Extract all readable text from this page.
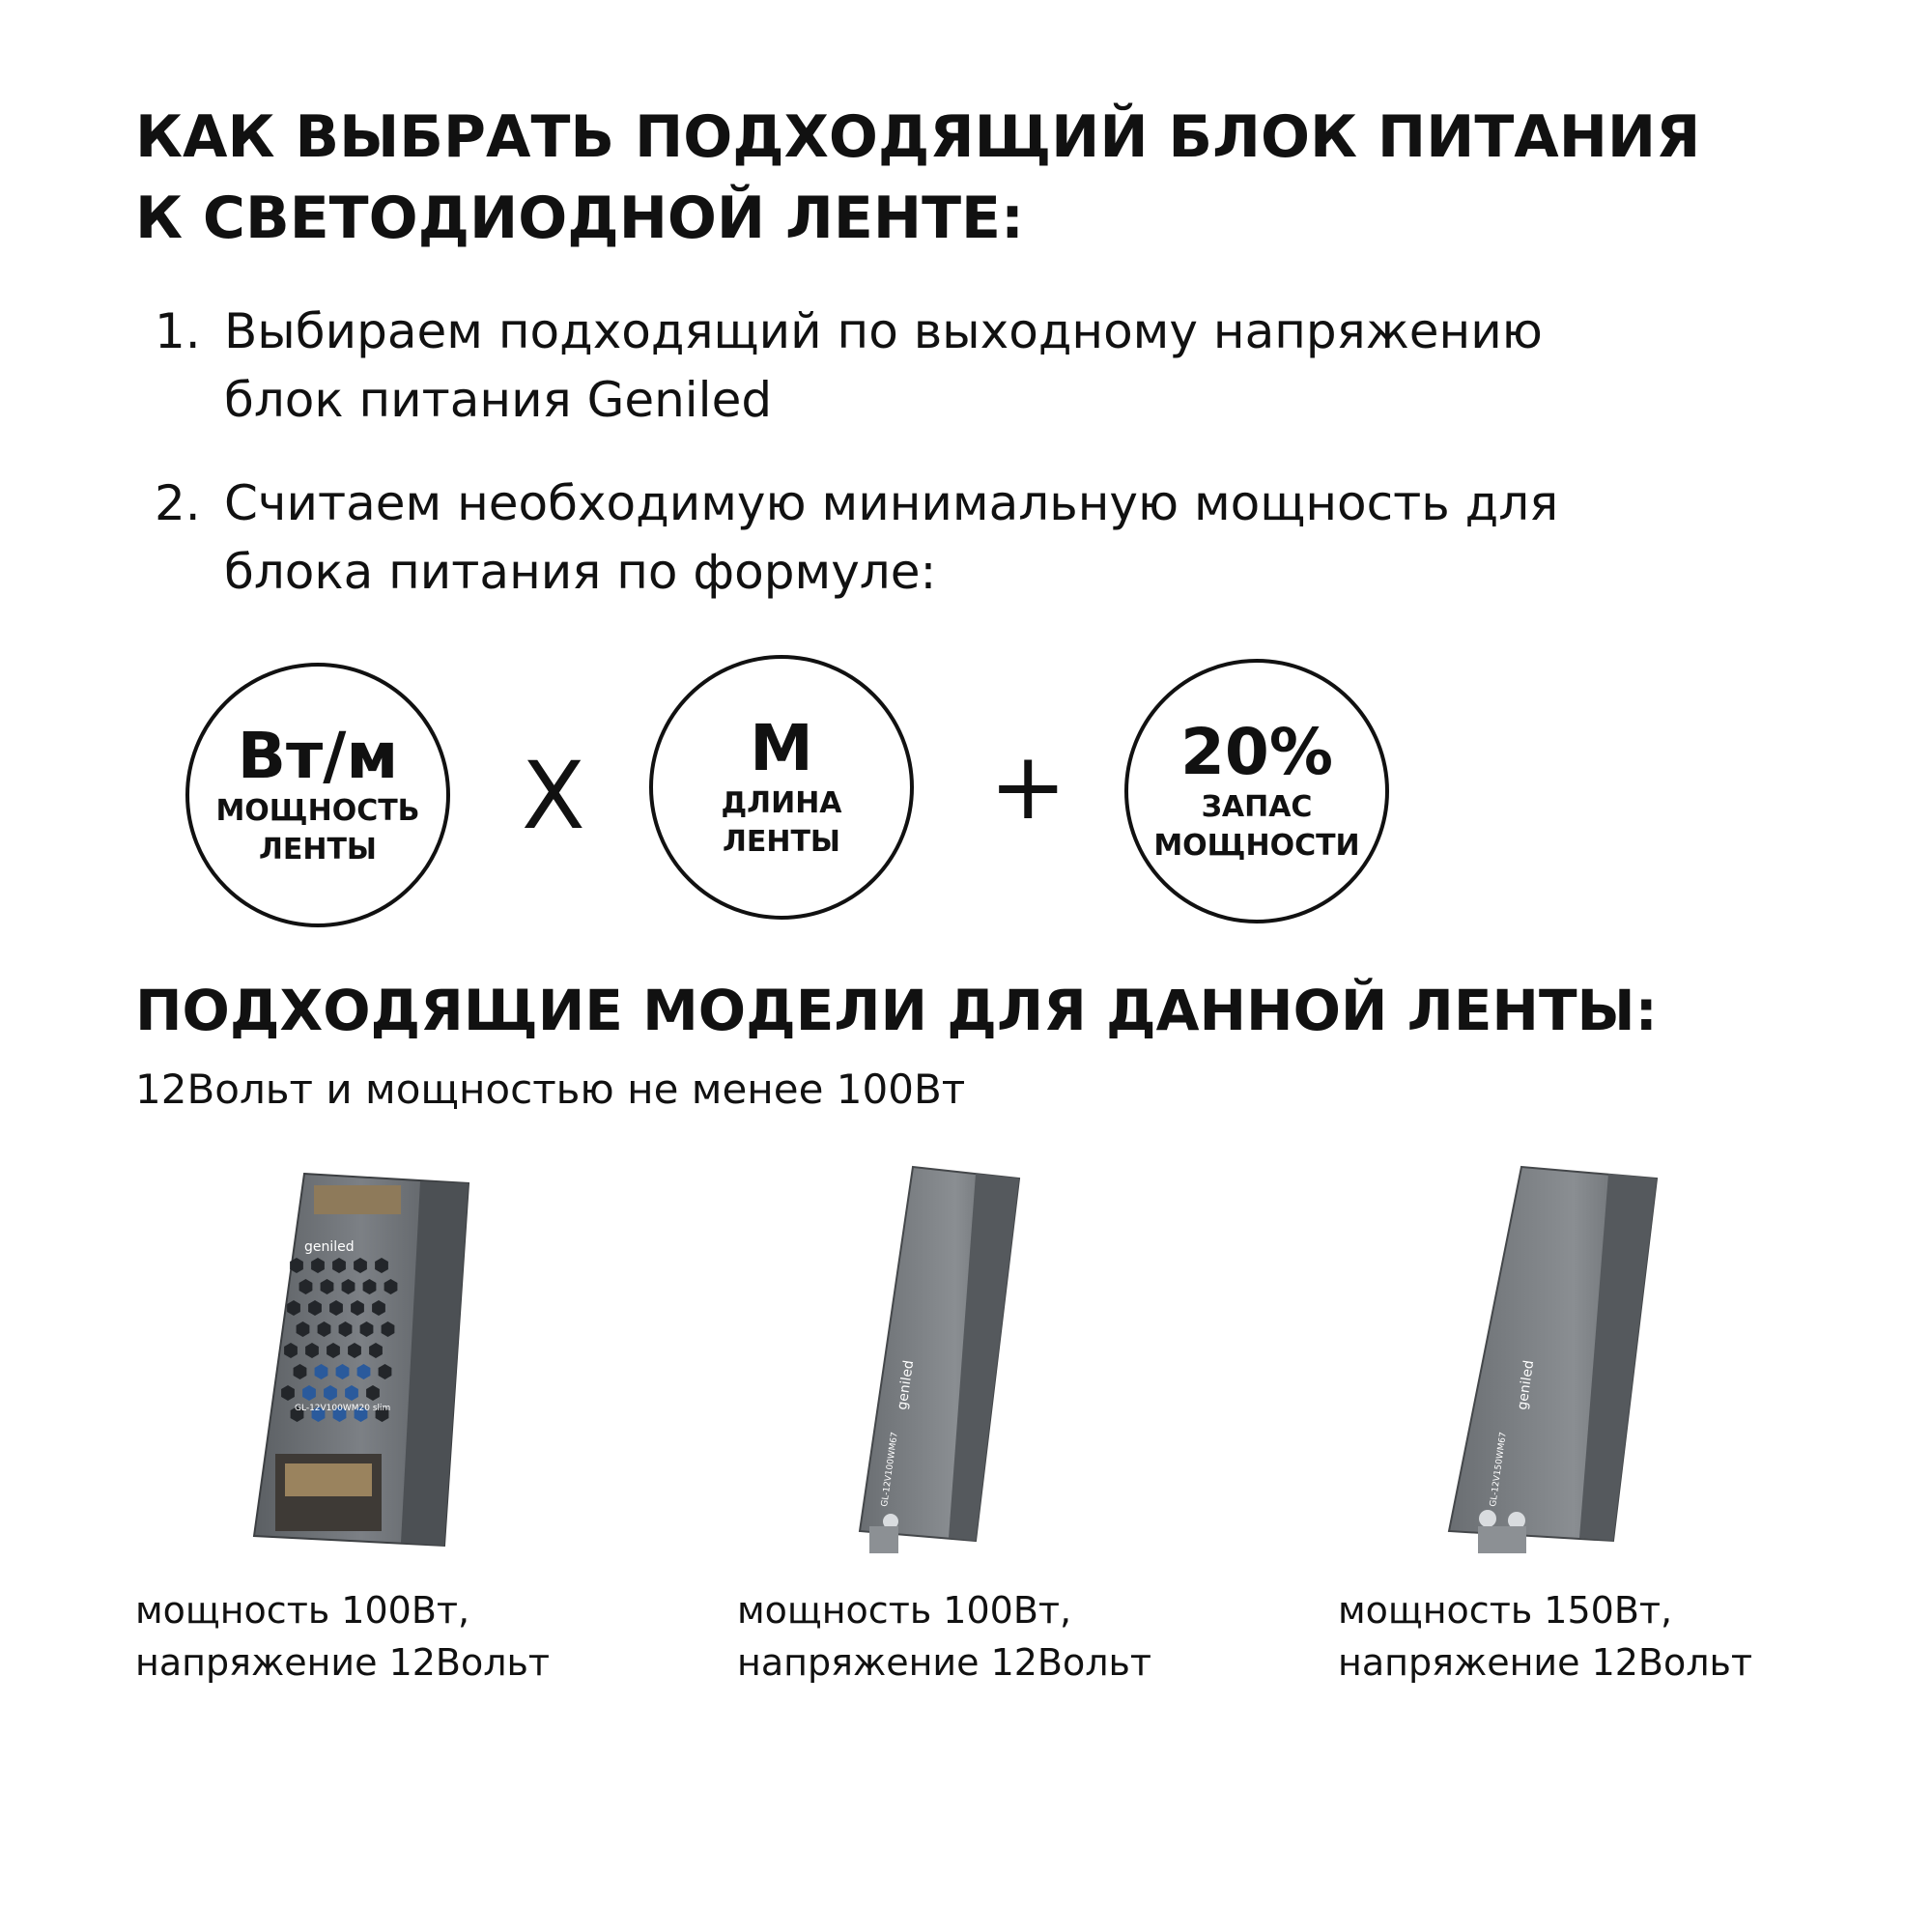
КАК ВЫБРАТЬ ПОДХОДЯЩИЙ БЛОК ПИТАНИЯ
К СВЕТОДИОДНОЙ ЛЕНТЕ:
1. Выбираем подходящий по выходному напряжению
блок питания Geniled
2. Считаем необходимую минимальную мощность для
блока питания по формуле:
Вт/м
МОЩНОСТЬ
ЛЕНТЫ Х	М
ДЛИНА
ЛЕНТЫ
+ 20%
ЗАПАС
МОЩНОСТИ
ПОДХОДЯЩИЕ МОДЕЛИ ДЛЯ ДАННОЙ ЛЕНТЫ:
12Вольт и мощностью не менее 100Вт
geniled
GL-12V100WM20 slim	geniled
GL-12V100WM67
geniled
GL-12V150WM67
мощность 100Вт,
напряжение 12Вольт
мощность 100Вт,
напряжение 12Вольт
мощность 150Вт,
напряжение 12Вольт
